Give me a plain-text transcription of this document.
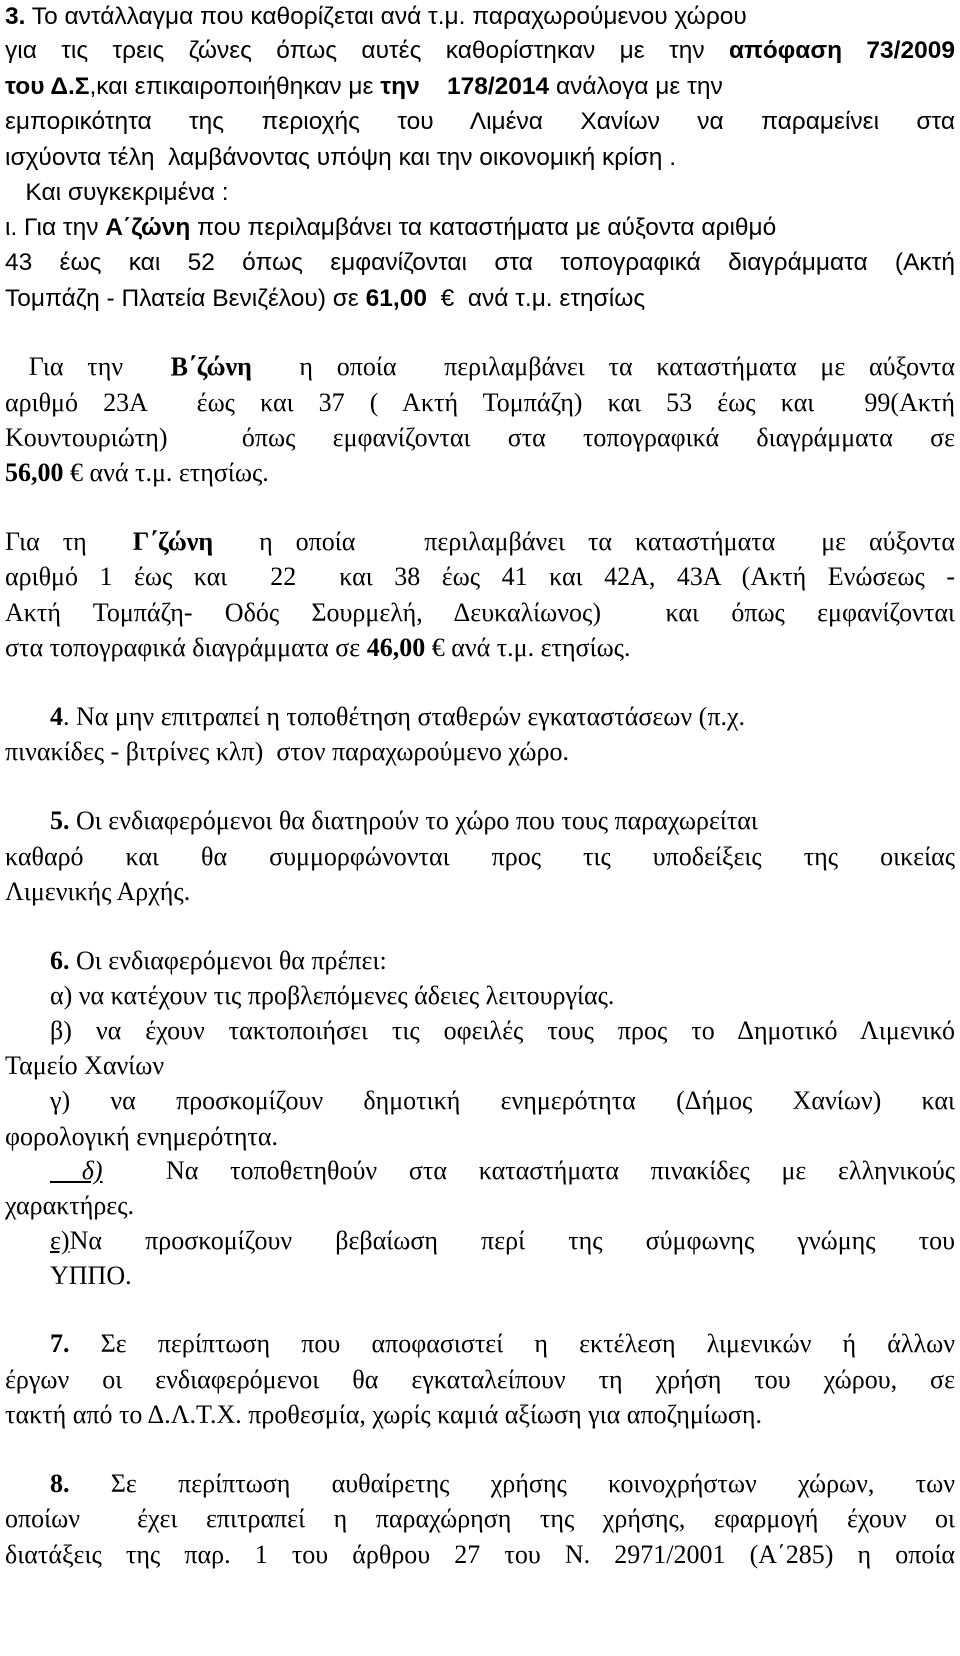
3. Το αντάλλαγμα που καθορίζεται ανά τ.μ. παραχωρούμενου χώρου
για τις τρεις ζώνες όπως αυτές καθορίστηκαν με την απόφαση 73/2009
του Δ.Σ,και επικαιροποιήθηκαν με την    178/2014 ανάλογα με την
εμπορικότητα της περιοχής του Λιμένα Χανίων να παραμείνει στα
ισχύοντα τέλη  λαμβάνοντας υπόψη και την οικονομική κρίση .
Και συγκεκριμένα :
ι. Για την Α΄ζώνη που περιλαμβάνει τα καταστήματα με αύξοντα αριθμό
43 έως και 52 όπως εμφανίζονται στα τοπογραφικά διαγράμματα (Ακτή
Τομπάζη - Πλατεία Βενιζέλου) σε 61,00  €  ανά τ.μ. ετησίως
Για την  Β΄ζώνη  η οποία  περιλαμβάνει τα καταστήματα με αύξοντα
αριθμό 23Α  έως και 37 ( Ακτή Τομπάζη) και 53 έως και  99(Ακτή
Κουντουριώτη)  όπως εμφανίζονται στα τοπογραφικά διαγράμματα σε
56,00 € ανά τ.μ. ετησίως.
Για τη  Γ΄ζώνη  η οποία   περιλαμβάνει τα καταστήματα  με αύξοντα
αριθμό 1 έως και  22  και 38 έως 41 και 42Α, 43Α (Ακτή Ενώσεως -
Ακτή Τομπάζη- Οδός Σουρμελή, Δευκαλίωνος)  και όπως εμφανίζονται
στα τοπογραφικά διαγράμματα σε 46,00 € ανά τ.μ. ετησίως.
4. Να μην επιτραπεί η τοποθέτηση σταθερών εγκαταστάσεων (π.χ.
πινακίδες - βιτρίνες κλπ)  στον παραχωρούμενο χώρο.
5. Οι ενδιαφερόμενοι θα διατηρούν το χώρο που τους παραχωρείται
καθαρό και θα συμμορφώνονται προς τις υποδείξεις της οικείας
Λιμενικής Αρχής.
6. Οι ενδιαφερόμενοι θα πρέπει:
α) να κατέχουν τις προβλεπόμενες άδειες λειτουργίας.
β) να έχουν τακτοποιήσει τις οφειλές τους προς το Δημοτικό Λιμενικό
Ταμείο Χανίων
γ) να προσκομίζουν δημοτική ενημερότητα (Δήμος Χανίων) και
φορολογική ενημερότητα.
δ)  Να τοποθετηθούν στα καταστήματα πινακίδες με ελληνικούς
χαρακτήρες.
ε)Να προσκομίζουν βεβαίωση περί της σύμφωνης γνώμης του
ΥΠΠΟ.
7. Σε περίπτωση που αποφασιστεί η εκτέλεση λιμενικών ή άλλων
έργων οι ενδιαφερόμενοι θα εγκαταλείπουν τη χρήση του χώρου, σε
τακτή από το Δ.Λ.Τ.Χ. προθεσμία, χωρίς καμιά αξίωση για αποζημίωση.
8. Σε περίπτωση αυθαίρετης χρήσης κοινοχρήστων χώρων, των
οποίων  έχει επιτραπεί η παραχώρηση της χρήσης, εφαρμογή έχουν οι
διατάξεις της παρ. 1 του άρθρου 27 του Ν. 2971/2001 (Α΄285) η οποία
